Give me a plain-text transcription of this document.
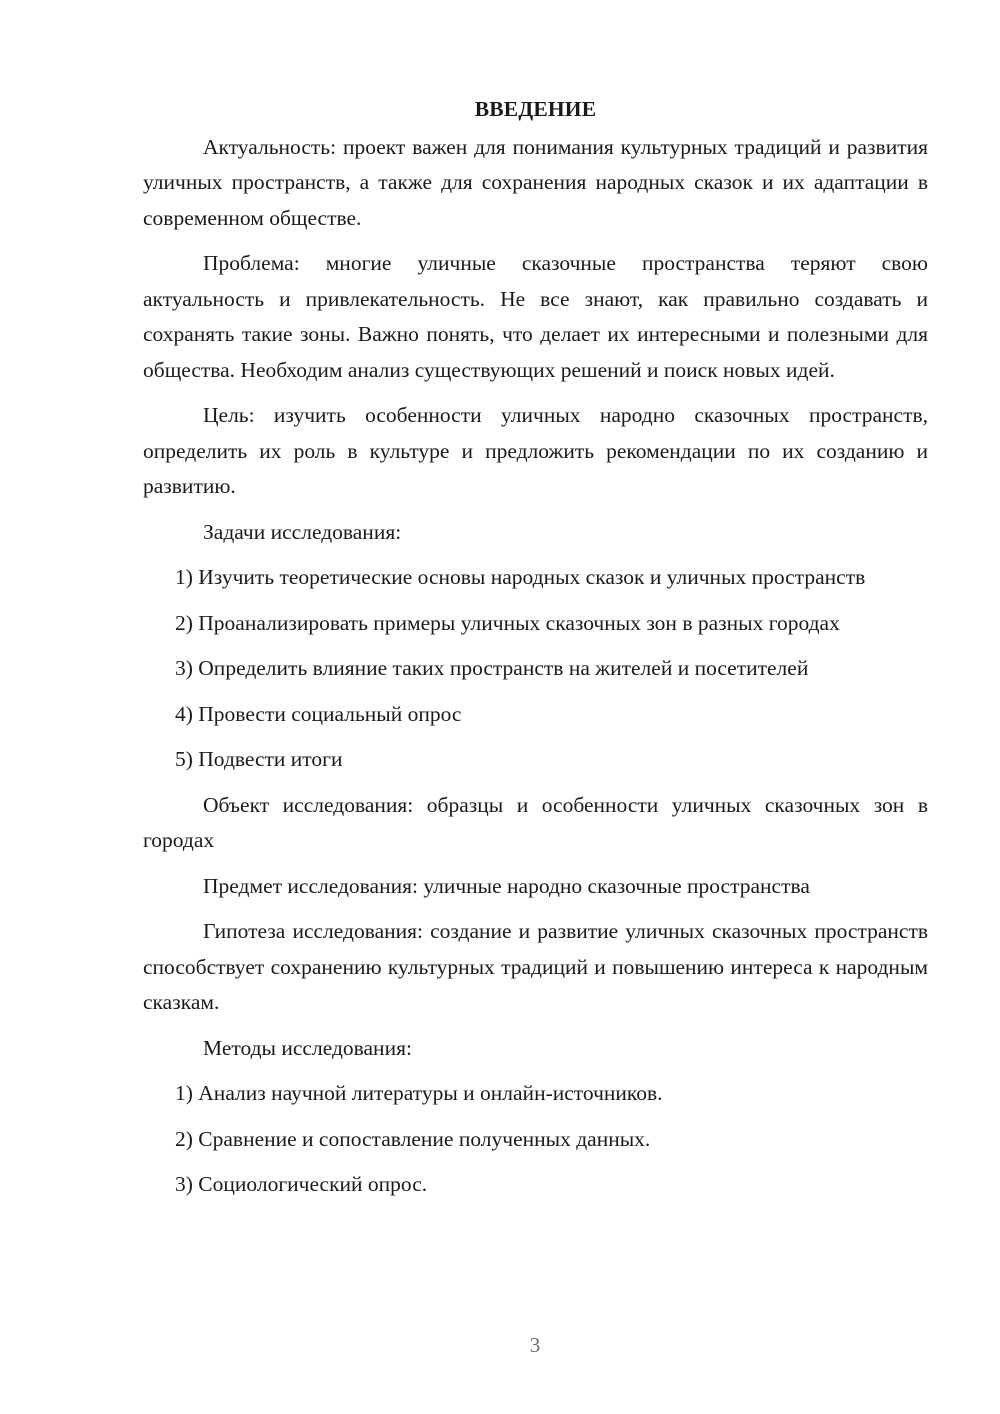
ВВЕДЕНИЕ

Актуальность: проект важен для понимания культурных традиций и развития уличных пространств, а также для сохранения народных сказок и их адаптации в современном обществе.

Проблема: многие уличные сказочные пространства теряют свою актуальность и привлекательность. Не все знают, как правильно создавать и сохранять такие зоны. Важно понять, что делает их интересными и полезными для общества. Необходим анализ существующих решений и поиск новых идей.

Цель: изучить особенности уличных народно сказочных пространств, определить их роль в культуре и предложить рекомендации по их созданию и развитию.

Задачи исследования:

1) Изучить теоретические основы народных сказок и уличных пространств

2) Проанализировать примеры уличных сказочных зон в разных городах

3) Определить влияние таких пространств на жителей и посетителей

4) Провести социальный опрос

5) Подвести итоги

Объект исследования: образцы и особенности уличных сказочных зон в городах

Предмет исследования: уличные народно сказочные пространства

Гипотеза исследования: создание и развитие уличных сказочных пространств способствует сохранению культурных традиций и повышению интереса к народным сказкам.

Методы исследования:

1) Анализ научной литературы и онлайн-источников.

2) Сравнение и сопоставление полученных данных.

3) Социологический опрос.

3
